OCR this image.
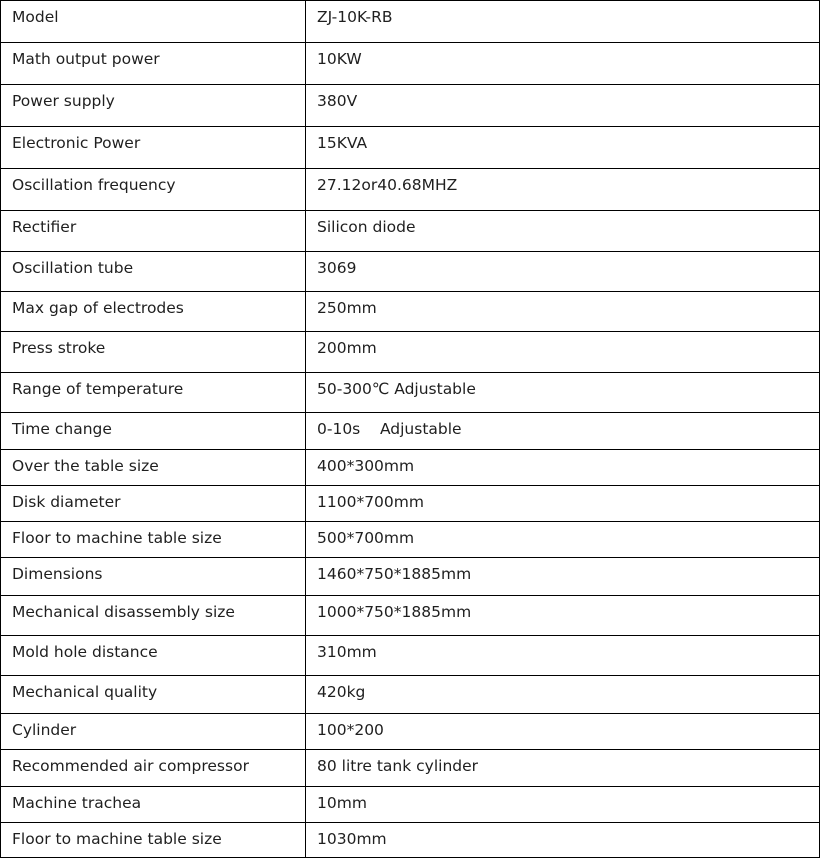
Model	ZJ-10K-RB
Math output power	10KW
Power supply	380V
Electronic Power	15KVA
Oscillation frequency	27.12or40.68MHZ
Rectifier	Silicon diode
Oscillation tube	3069
Max gap of electrodes	250mm
Press stroke	200mm
Range of temperature	50-300℃ Adjustable
Time change	0-10s    Adjustable
Over the table size	400*300mm
Disk diameter	1100*700mm
Floor to machine table size	500*700mm
Dimensions	1460*750*1885mm
Mechanical disassembly size	1000*750*1885mm
Mold hole distance	310mm
Mechanical quality	420kg
Cylinder	100*200
Recommended air compressor	80 litre tank cylinder
Machine trachea	10mm
Floor to machine table size	1030mm
